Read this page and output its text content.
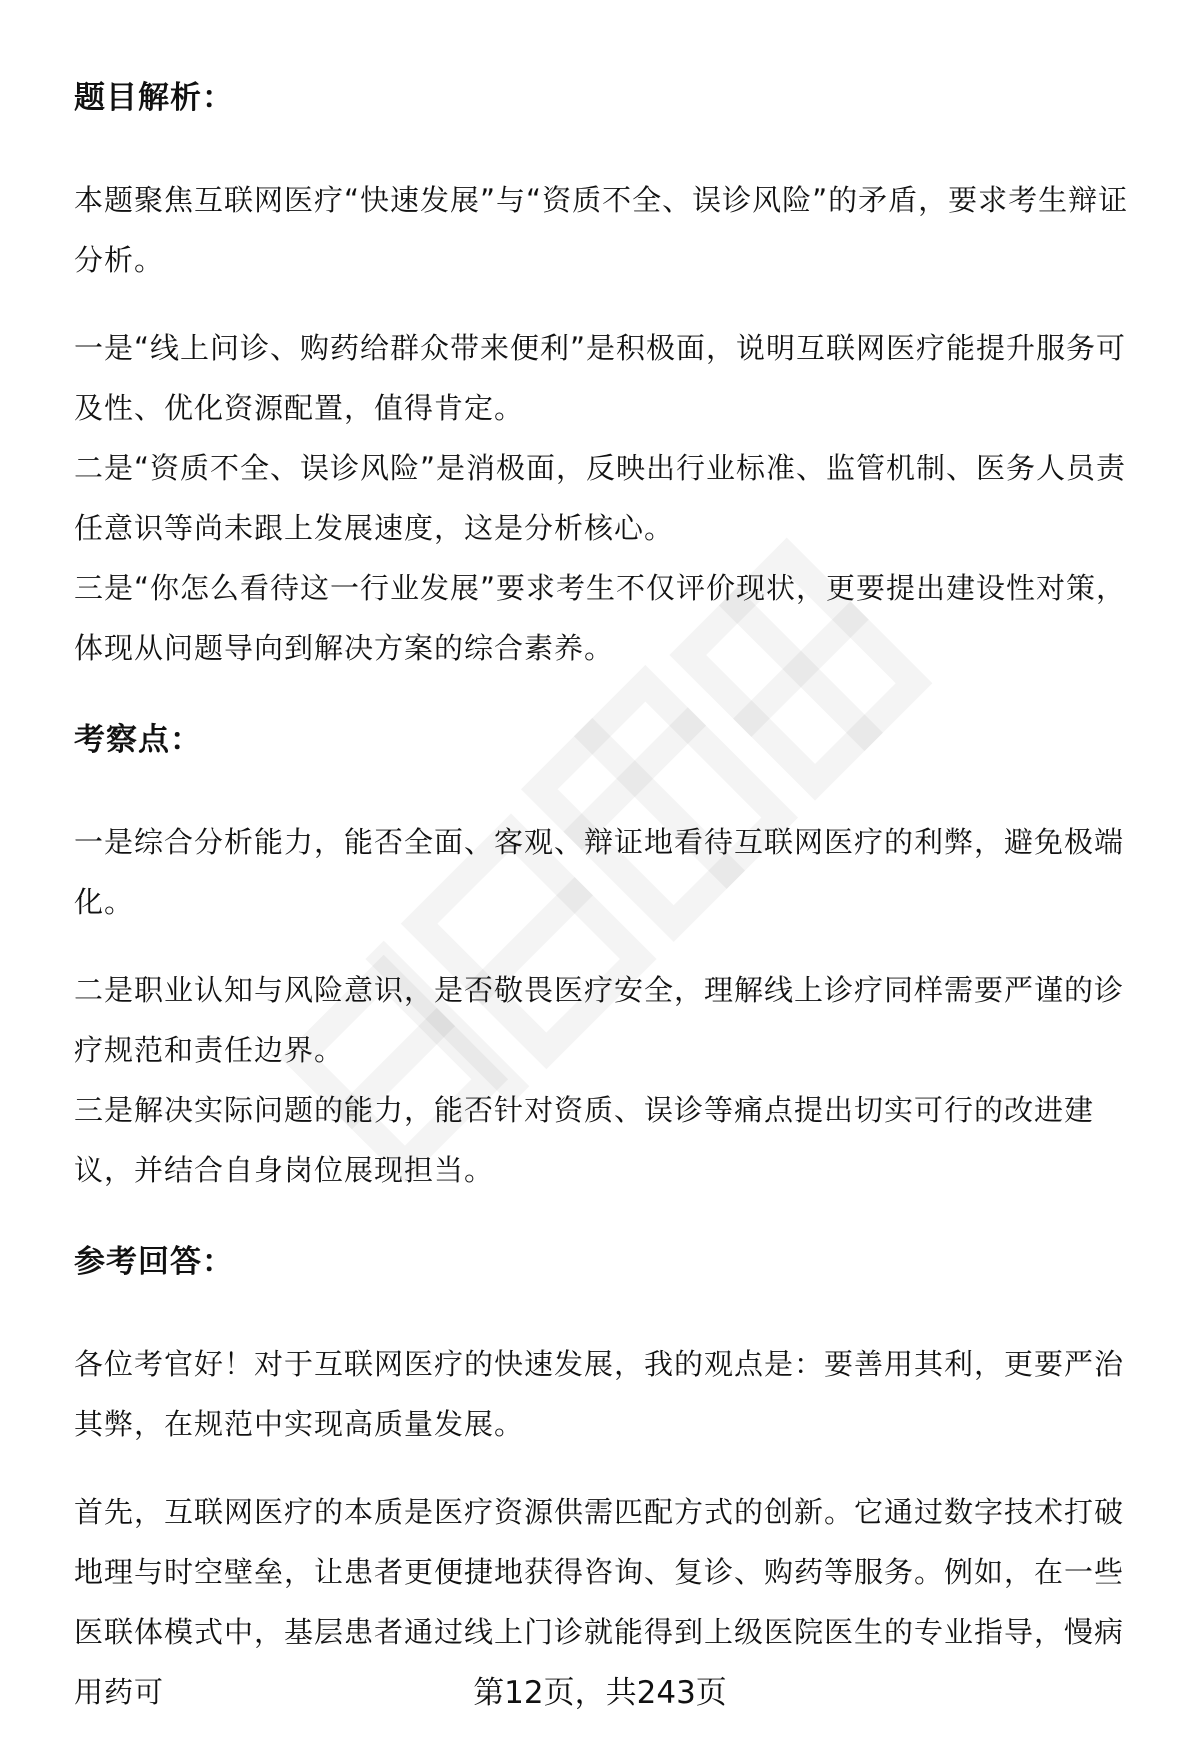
题目解析：

本题聚焦互联网医疗“快速发展”与“资质不全、误诊风险”的矛盾，要求考生辩证分析。

一是“线上问诊、购药给群众带来便利”是积极面，说明互联网医疗能提升服务可及性、优化资源配置，值得肯定。

二是“资质不全、误诊风险”是消极面，反映出行业标准、监管机制、医务人员责任意识等尚未跟上发展速度，这是分析核心。

三是“你怎么看待这一行业发展”要求考生不仅评价现状，更要提出建设性对策，体现从问题导向到解决方案的综合素养。

考察点：

一是综合分析能力，能否全面、客观、辩证地看待互联网医疗的利弊，避免极端化。

二是职业认知与风险意识，是否敬畏医疗安全，理解线上诊疗同样需要严谨的诊疗规范和责任边界。

三是解决实际问题的能力，能否针对资质、误诊等痛点提出切实可行的改进建议，并结合自身岗位展现担当。

参考回答：

各位考官好！对于互联网医疗的快速发展，我的观点是：要善用其利，更要严治其弊，在规范中实现高质量发展。

首先，互联网医疗的本质是医疗资源供需匹配方式的创新。它通过数字技术打破地理与时空壁垒，让患者更便捷地获得咨询、复诊、购药等服务。例如，在一些医联体模式中，基层患者通过线上门诊就能得到上级医院医生的专业指导，慢病用药可	第12页，共243页
